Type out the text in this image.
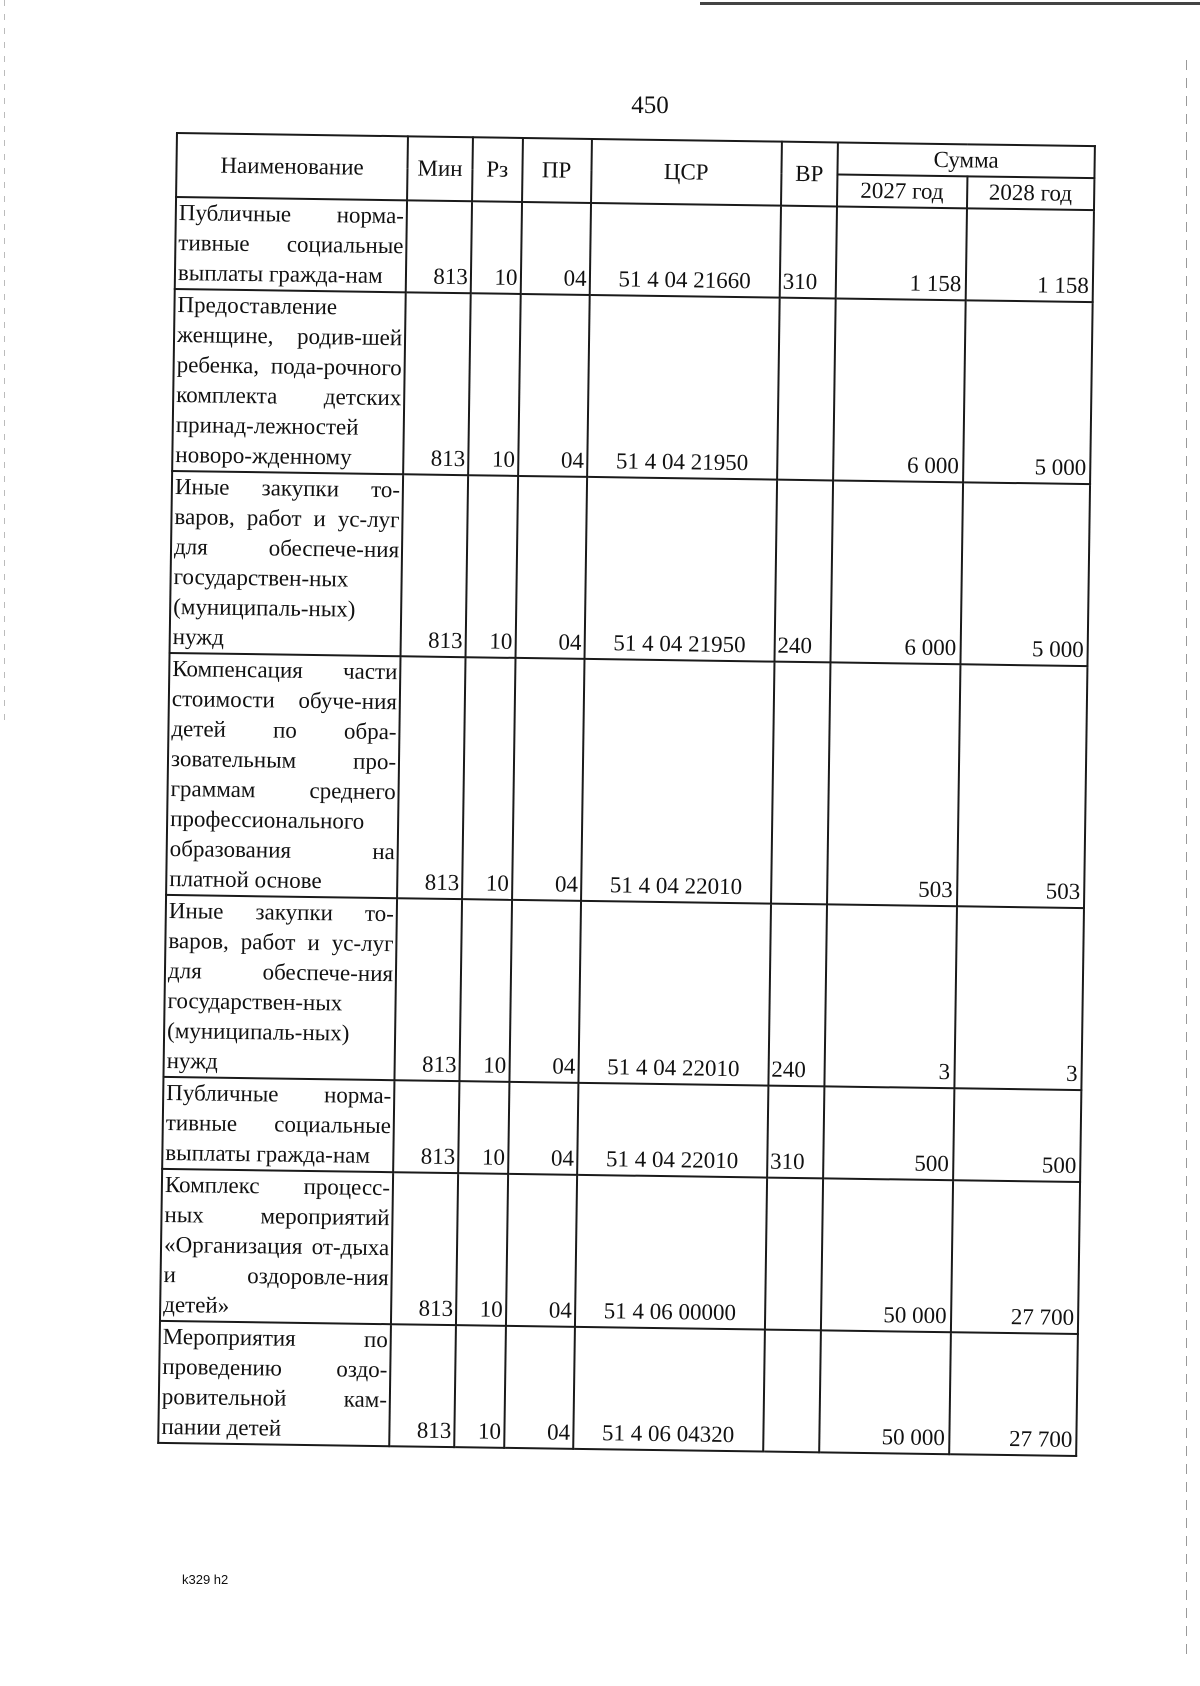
450
Наименование	Мин	Рз	ПР	ЦСР	ВР	Сумма	
						2027 год	2028 год
Публичные норма-тивные социальные выплаты гражда-нам	813	10	04	51 4 04 21660	310	1 158	1 158
Предоставление женщине, родив-шей ребенка, пода-рочного комплекта детских принад-лежностей новоро-жденному	813	10	04	51 4 04 21950		6 000	5 000
Иные закупки то-варов, работ и ус-луг для обеспече-ния государствен-ных (муниципаль-ных) нужд	813	10	04	51 4 04 21950	240	6 000	5 000
Компенсация части стоимости обуче-ния детей по обра-зовательным про-граммам среднего профессионального образования на платной основе	813	10	04	51 4 04 22010		503	503
Иные закупки то-варов, работ и ус-луг для обеспече-ния государствен-ных (муниципаль-ных) нужд	813	10	04	51 4 04 22010	240	3	3
Публичные норма-тивные социальные выплаты гражда-нам	813	10	04	51 4 04 22010	310	500	500
Комплекс процесс-ных мероприятий «Организация от-дыха и оздоровле-ния детей»	813	10	04	51 4 06 00000		50 000	27 700
Мероприятия по проведению оздо-ровительной кам-пании детей	813	10	04	51 4 06 04320		50 000	27 700
k329 h2
